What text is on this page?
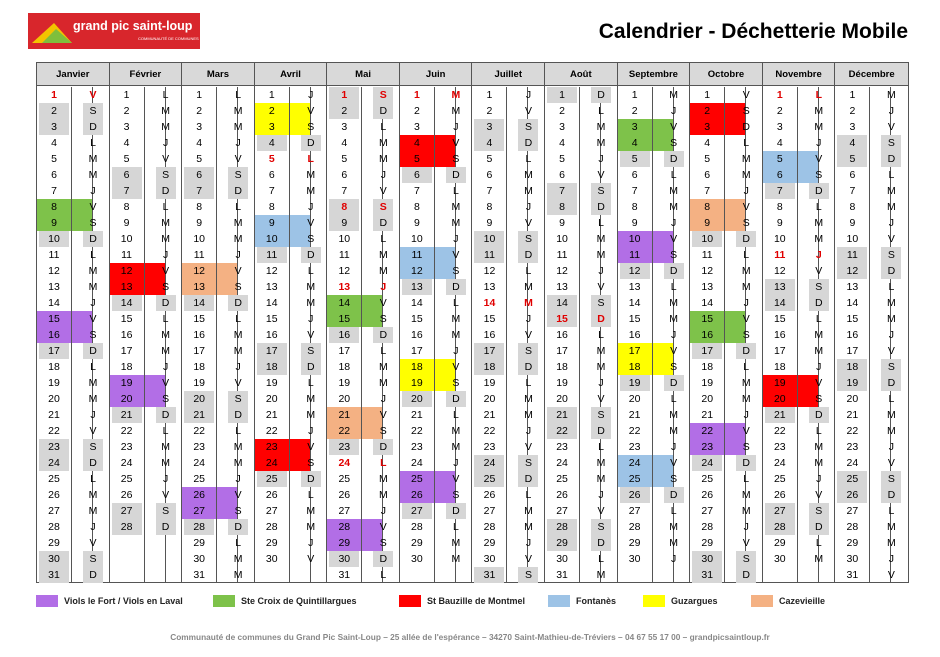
grand pic saint-loup
COMMUNAUTÉ DE COMMUNES	Calendrier - Déchetterie Mobile
Janvier
1	V
2	S
3	D
4	L
5	M
6	M
7	J
8	V
9	S
10	D
11	L
12	M
13	M
14	J
15	V
16	S
17	D
18	L
19	M
20	M
21	J
22	V
23	S
24	D
25	L
26	M
27	M
28	J
29	V
30	S
31	D
Février
1	L
2	M
3	M
4	J
5	V
6	S
7	D
8	L
9	M
10	M
11	J
12	V
13	S
14	D
15	L
16	M
17	M
18	J
19	V
20	S
21	D
22	L
23	M
24	M
25	J
26	V
27	S
28	D
Mars
1	L
2	M
3	M
4	J
5	V
6	S
7	D
8	L
9	M
10	M
11	J
12	V
13	S
14	D
15	L
16	M
17	M
18	J
19	V
20	S
21	D
22	L
23	M
24	M
25	J
26	V
27	S
28	D
29	L
30	M
31	M
Avril
1	J
2	V
3	S
4	D
5	L
6	M
7	M
8	J
9	V
10	S
11	D
12	L
13	M
14	M
15	J
16	V
17	S
18	D
19	L
20	M
21	M
22	J
23	V
24	S
25	D
26	L
27	M
28	M
29	J
30	V
Mai
1	S
2	D
3	L
4	M
5	M
6	J
7	V
8	S
9	D
10	L
11	M
12	M
13	J
14	V
15	S
16	D
17	L
18	M
19	M
20	J
21	V
22	S
23	D
24	L
25	M
26	M
27	J
28	V
29	S
30	D
31	L
Juin
1	M
2	M
3	J
4	V
5	S
6	D
7	L
8	M
9	M
10	J
11	V
12	S
13	D
14	L
15	M
16	M
17	J
18	V
19	S
20	D
21	L
22	M
23	M
24	J
25	V
26	S
27	D
28	L
29	M
30	M
Juillet
1	J
2	V
3	S
4	D
5	L
6	M
7	M
8	J
9	V
10	S
11	D
12	L
13	M
14	M
15	J
16	V
17	S
18	D
19	L
20	M
21	M
22	J
23	V
24	S
25	D
26	L
27	M
28	M
29	J
30	V
31	S
Août
1	D
2	L
3	M
4	M
5	J
6	V
7	S
8	D
9	L
10	M
11	M
12	J
13	V
14	S
15	D
16	L
17	M
18	M
19	J
20	V
21	S
22	D
23	L
24	M
25	M
26	J
27	V
28	S
29	D
30	L
31	M
Septembre
1	M
2	J
3	V
4	S
5	D
6	L
7	M
8	M
9	J
10	V
11	S
12	D
13	L
14	M
15	M
16	J
17	V
18	S
19	D
20	L
21	M
22	M
23	J
24	V
25	S
26	D
27	L
28	M
29	M
30	J
Octobre
1	V
2	S
3	D
4	L
5	M
6	M
7	J
8	V
9	S
10	D
11	L
12	M
13	M
14	J
15	V
16	S
17	D
18	L
19	M
20	M
21	J
22	V
23	S
24	D
25	L
26	M
27	M
28	J
29	V
30	S
31	D
Novembre
1	L
2	M
3	M
4	J
5	V
6	S
7	D
8	L
9	M
10	M
11	J
12	V
13	S
14	D
15	L
16	M
17	M
18	J
19	V
20	S
21	D
22	L
23	M
24	M
25	J
26	V
27	S
28	D
29	L
30	M
Décembre
1	M
2	J
3	V
4	S
5	D
6	L
7	M
8	M
9	J
10	V
11	S
12	D
13	L
14	M
15	M
16	J
17	V
18	S
19	D
20	L
21	M
22	M
23	J
24	V
25	S
26	D
27	L
28	M
29	M
30	J
31	V
Viols le Fort / Viols en Laval	Ste Croix de Quintillargues	St Bauzille de Montmel	Fontanès	Guzargues	Cazevieille
Communauté de communes du Grand Pic Saint-Loup – 25 allée de l'espérance – 34270 Saint-Mathieu-de-Tréviers – 04 67 55 17 00 – grandpicsaintloup.fr
